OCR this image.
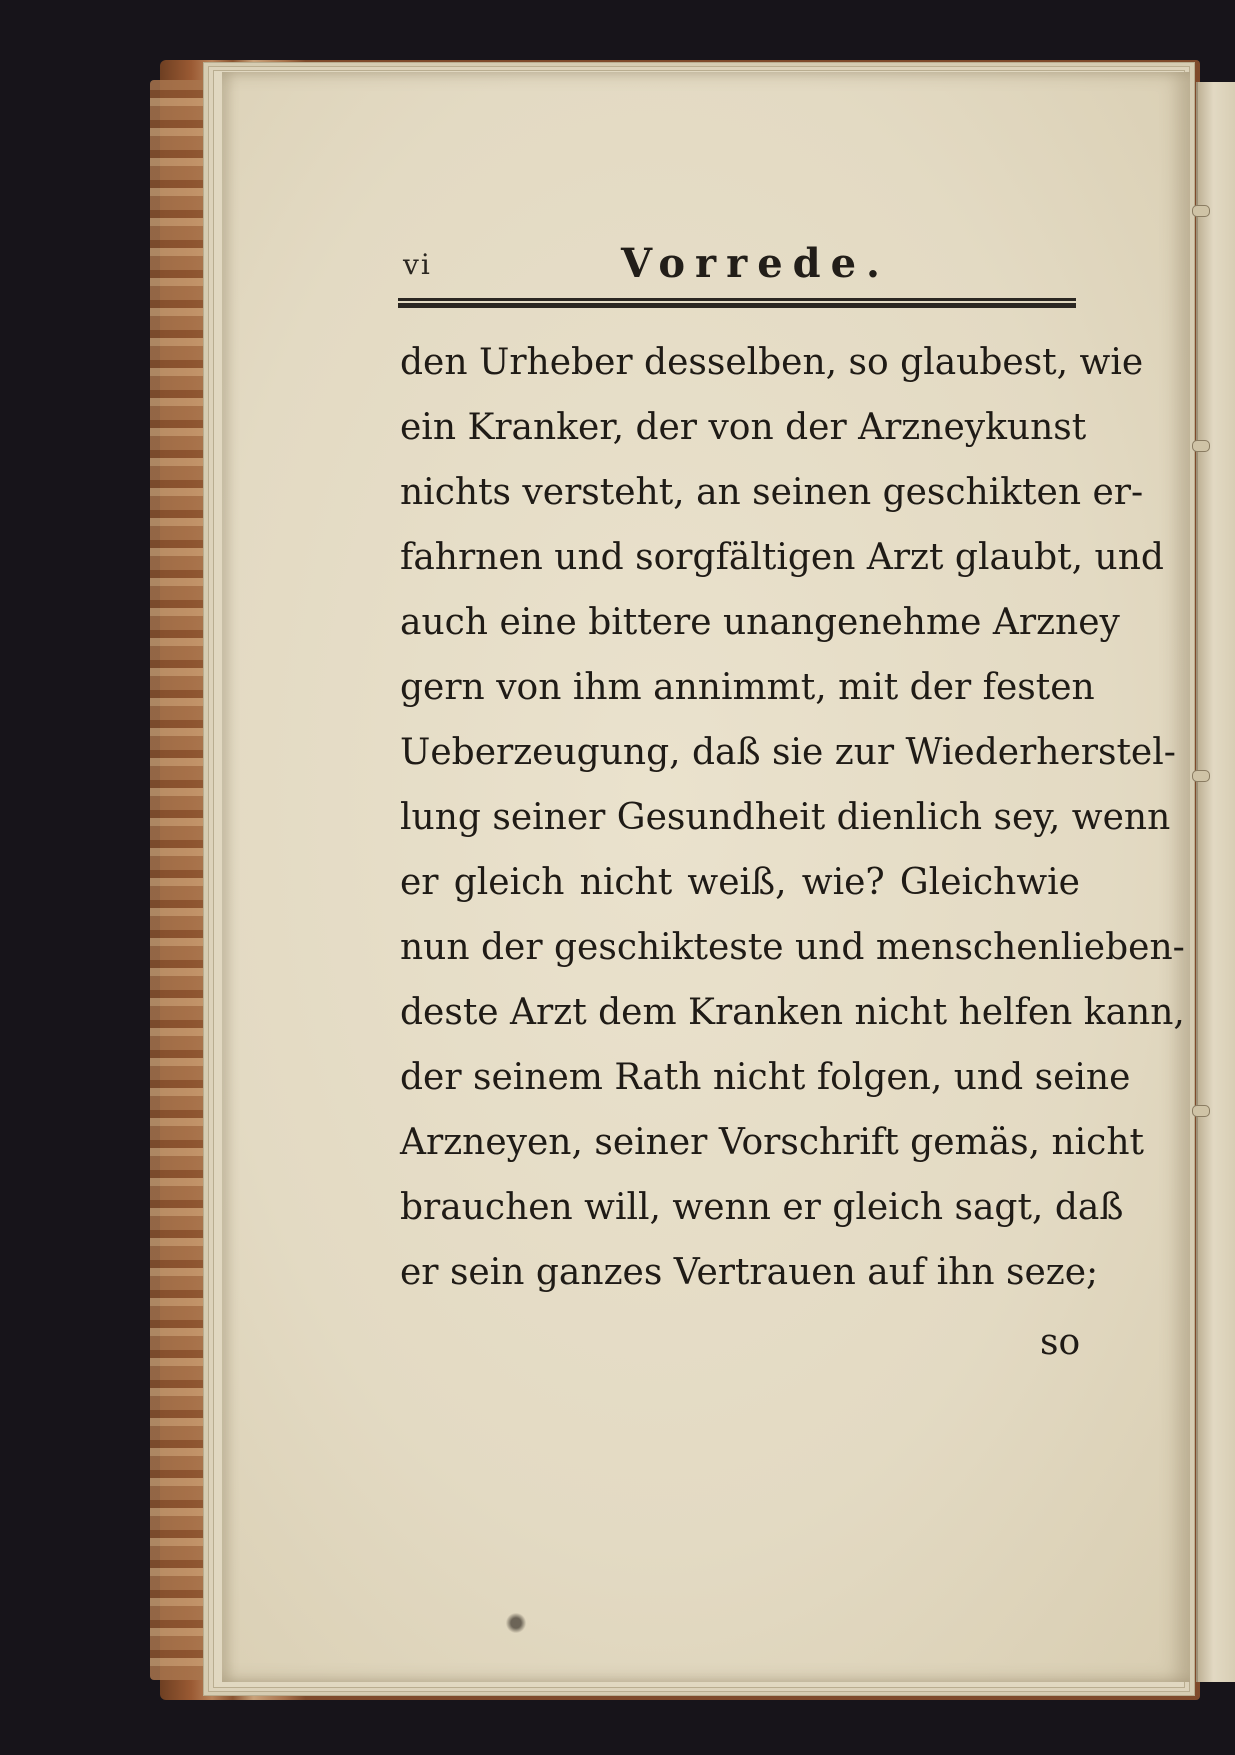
vi	Vorrede.
den Urheber desselben, so glaubest, wie
ein Kranker, der von der Arzneykunst
nichts versteht, an seinen geschikten er-
fahrnen und sorgfältigen Arzt glaubt, und
auch eine bittere unangenehme Arzney
gern von ihm annimmt, mit der festen
Ueberzeugung, daß sie zur Wiederherstel-
lung seiner Gesundheit dienlich sey, wenn
er gleich nicht weiß, wie? Gleichwie
nun der geschikteste und menschenlieben-
deste Arzt dem Kranken nicht helfen kann,
der seinem Rath nicht folgen, und seine
Arzneyen, seiner Vorschrift gemäs, nicht
brauchen will, wenn er gleich sagt, daß
er sein ganzes Vertrauen auf ihn seze;
so
